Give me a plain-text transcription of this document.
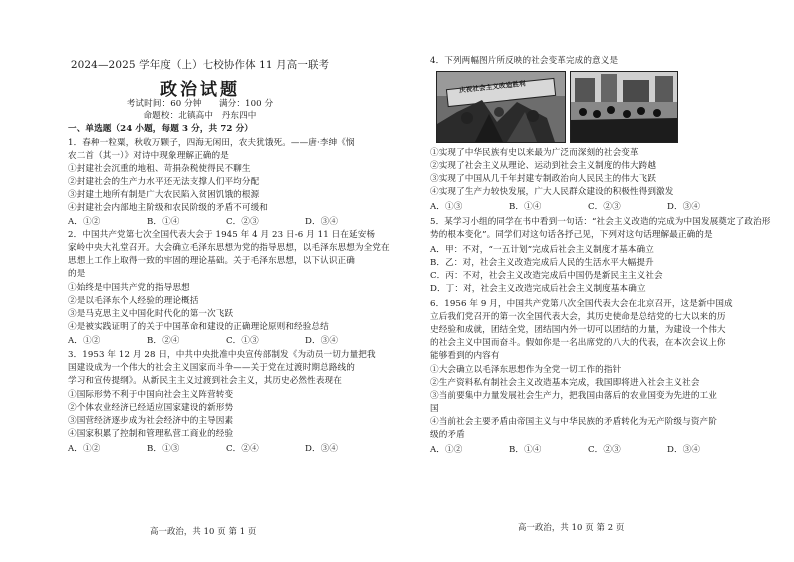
2024—2025 学年度（上）七校协作体 11 月高一联考
政治试题
考试时间：60 分钟　　满分：100 分
命题校：北镇高中　丹东四中
一、单选题（24 小题，每题 3 分，共 72 分）
1．春种一粒粟，秋收万颗子，四海无闲田，农夫犹饿死。——唐·李绅《悯
农二首（其一）》对诗中现象理解正确的是
①封建社会沉重的地租、苛捐杂税使得民不聊生
②封建社会的生产力水平还无法支撑人们平均分配
③封建土地所有制是广大农民陷入贫困饥饿的根源
④封建社会内部地主阶级和农民阶级的矛盾不可缓和
A．①②	B．①④	C．②③	D．③④
2．中国共产党第七次全国代表大会于 1945 年 4 月 23 日-6 月 11 日在延安杨
家岭中央大礼堂召开。大会确立毛泽东思想为党的指导思想，以毛泽东思想为全党在
思想上工作上取得一致的牢固的理论基础。关于毛泽东思想，以下认识正确
的是
①始终是中国共产党的指导思想
②是以毛泽东个人经验的理论概括
③是马克思主义中国化时代化的第一次飞跃
④是被实践证明了的关于中国革命和建设的正确理论原则和经验总结
A．①②	B．②④	C．①③	D．③④
3．1953 年 12 月 28 日，中共中央批准中央宣传部制发《为动员一切力量把我
国建设成为一个伟大的社会主义国家而斗争——关于党在过渡时期总路线的
学习和宣传提纲》。从新民主主义过渡到社会主义，其历史必然性表现在
①国际形势不利于中国向社会主义阵营转变
②个体农业经济已经适应国家建设的新形势
③国营经济逐步成为社会经济中的主导因素
④国家积累了控制和管理私营工商业的经验
A．①②	B．①③	C．②④	D．③④
高一政治，共 10 页 第 1 页
4．下列两幅图片所反映的社会变革完成的意义是
庆祝社会主义改造胜利
①实现了中华民族有史以来最为广泛而深刻的社会变革
②实现了社会主义从理论、运动到社会主义制度的伟大跨越
③实现了中国从几千年封建专制政治向人民民主的伟大飞跃
④实现了生产力较快发展，广大人民群众建设的积极性得到激发
A．①③	B．①④	C．②③	D．③④
5．某学习小组的同学在书中看到一句话：“社会主义改造的完成为中国发展奠定了政治形
势的根本变化”。同学们对这句话各抒己见，下列对这句话理解最正确的是
A．甲：不对，“一五计划”完成后社会主义制度才基本确立
B．乙：对，社会主义改造完成后人民的生活水平大幅提升
C．丙：不对，社会主义改造完成后中国仍是新民主主义社会
D．丁：对，社会主义改造完成后社会主义制度基本确立
6．1956 年 9 月，中国共产党第八次全国代表大会在北京召开，这是新中国成
立后我们党召开的第一次全国代表大会，其历史使命是总结党的七大以来的历
史经验和成就，团结全党，团结国内外一切可以团结的力量，为建设一个伟大
的社会主义中国而奋斗。假如你是一名出席党的八大的代表，在本次会议上你
能够看到的内容有
①大会确立以毛泽东思想作为全党一切工作的指针
②生产资料私有制社会主义改造基本完成，我国即将进入社会主义社会
③当前要集中力量发展社会生产力，把我国由落后的农业国变为先进的工业
国
④当前社会主要矛盾由帝国主义与中华民族的矛盾转化为无产阶级与资产阶
级的矛盾
A．①②	B．①④	C．②③	D．③④
高一政治，共 10 页 第 2 页
